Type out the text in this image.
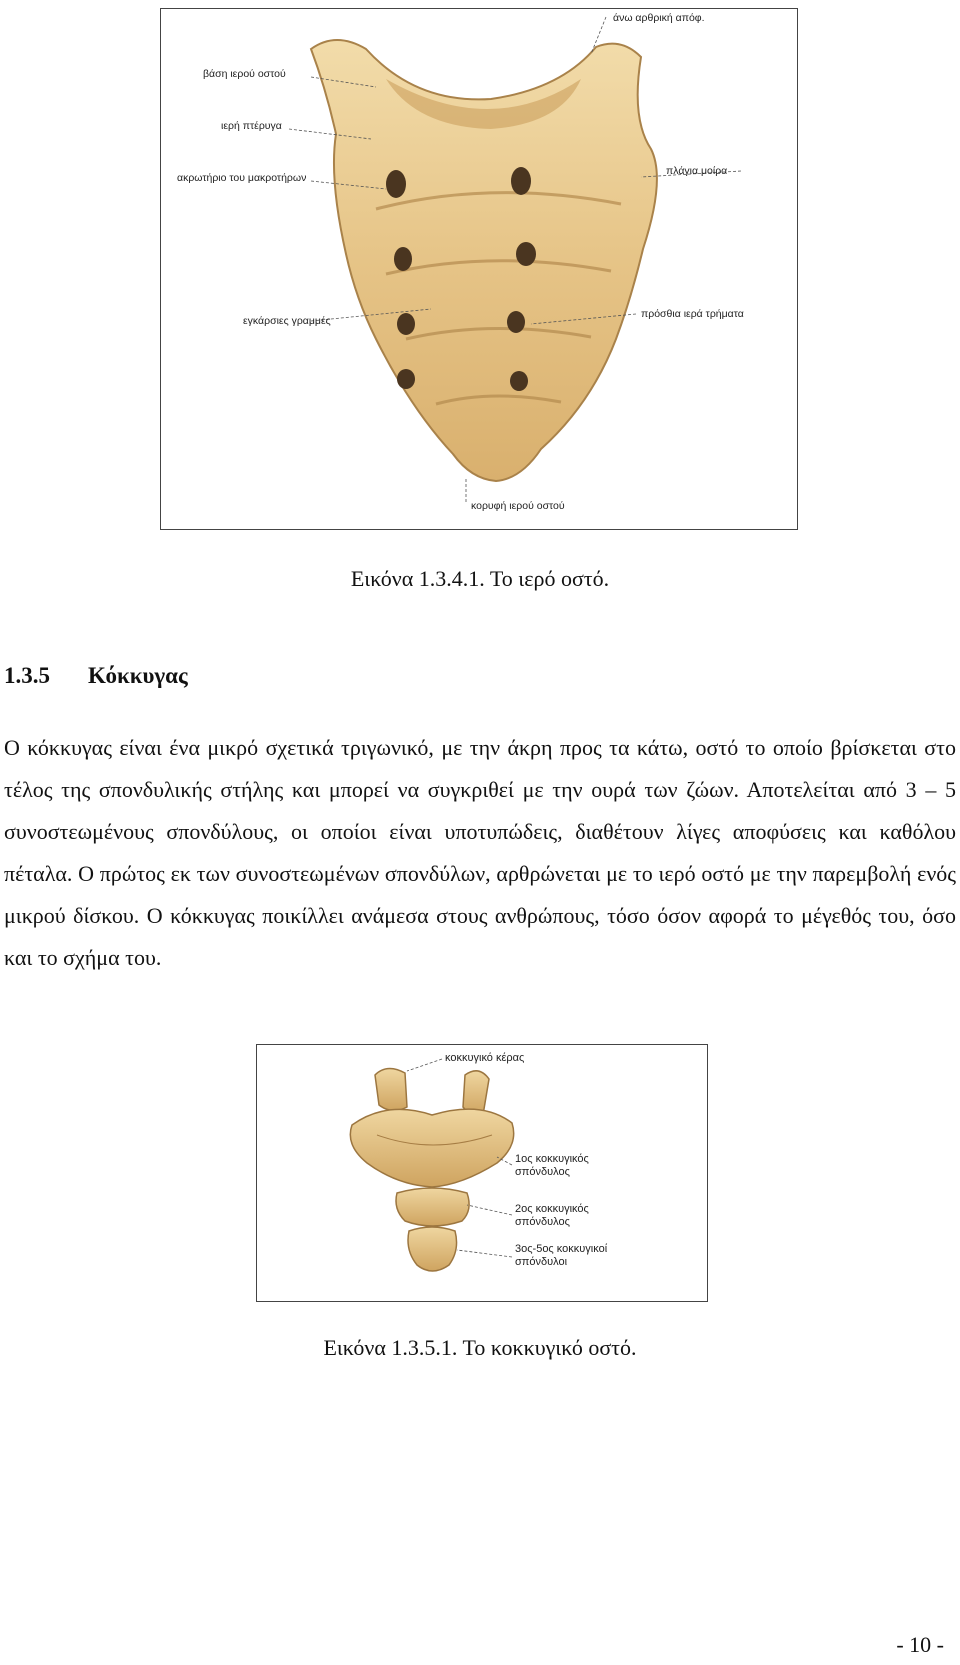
άνω αρθρική απόφ.
βάση ιερού οστού
ιερή πτέρυγα
ακρωτήριο του μακροτήρων
πλάγια μοίρα
εγκάρσιες γραμμές
πρόσθια ιερά τρήματα
κορυφή ιερού οστού
Εικόνα 1.3.4.1. Το ιερό οστό.
1.3.5 Κόκκυγας
Ο κόκκυγας είναι ένα μικρό σχετικά τριγωνικό, με την άκρη προς τα κάτω, οστό το οποίο βρίσκεται στο τέλος της σπονδυλικής στήλης και μπορεί να συγκριθεί με την ουρά των ζώων. Αποτελείται από 3 – 5 συνοστεωμένους σπονδύλους, οι οποίοι είναι υποτυπώδεις, διαθέτουν λίγες αποφύσεις και καθόλου πέταλα. Ο πρώτος εκ των συνοστεωμένων σπονδύλων, αρθρώνεται με το ιερό οστό με την παρεμβολή ενός μικρού δίσκου. Ο κόκκυγας ποικίλλει ανάμεσα στους ανθρώπους, τόσο όσον αφορά το μέγεθός του, όσο και το σχήμα του.
κοκκυγικό κέρας
1ος κοκκυγικός
σπόνδυλος
2ος κοκκυγικός
σπόνδυλος
3ος-5ος κοκκυγικοί
σπόνδυλοι
Εικόνα 1.3.5.1. Το κοκκυγικό οστό.
- 10 -
